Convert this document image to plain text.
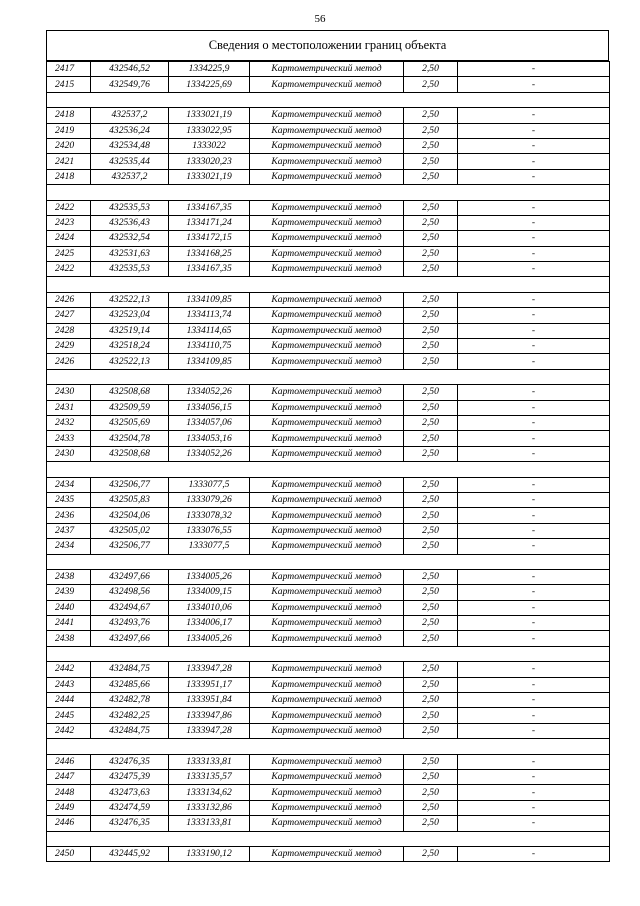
56
Сведения о местоположении границ объекта
2417	432546,52	1334225,9	Картометрический метод	2,50	-
2415	432549,76	1334225,69	Картометрический метод	2,50	-

2418	432537,2	1333021,19	Картометрический метод	2,50	-
2419	432536,24	1333022,95	Картометрический метод	2,50	-
2420	432534,48	1333022	Картометрический метод	2,50	-
2421	432535,44	1333020,23	Картометрический метод	2,50	-
2418	432537,2	1333021,19	Картометрический метод	2,50	-

2422	432535,53	1334167,35	Картометрический метод	2,50	-
2423	432536,43	1334171,24	Картометрический метод	2,50	-
2424	432532,54	1334172,15	Картометрический метод	2,50	-
2425	432531,63	1334168,25	Картометрический метод	2,50	-
2422	432535,53	1334167,35	Картометрический метод	2,50	-

2426	432522,13	1334109,85	Картометрический метод	2,50	-
2427	432523,04	1334113,74	Картометрический метод	2,50	-
2428	432519,14	1334114,65	Картометрический метод	2,50	-
2429	432518,24	1334110,75	Картометрический метод	2,50	-
2426	432522,13	1334109,85	Картометрический метод	2,50	-

2430	432508,68	1334052,26	Картометрический метод	2,50	-
2431	432509,59	1334056,15	Картометрический метод	2,50	-
2432	432505,69	1334057,06	Картометрический метод	2,50	-
2433	432504,78	1334053,16	Картометрический метод	2,50	-
2430	432508,68	1334052,26	Картометрический метод	2,50	-

2434	432506,77	1333077,5	Картометрический метод	2,50	-
2435	432505,83	1333079,26	Картометрический метод	2,50	-
2436	432504,06	1333078,32	Картометрический метод	2,50	-
2437	432505,02	1333076,55	Картометрический метод	2,50	-
2434	432506,77	1333077,5	Картометрический метод	2,50	-

2438	432497,66	1334005,26	Картометрический метод	2,50	-
2439	432498,56	1334009,15	Картометрический метод	2,50	-
2440	432494,67	1334010,06	Картометрический метод	2,50	-
2441	432493,76	1334006,17	Картометрический метод	2,50	-
2438	432497,66	1334005,26	Картометрический метод	2,50	-

2442	432484,75	1333947,28	Картометрический метод	2,50	-
2443	432485,66	1333951,17	Картометрический метод	2,50	-
2444	432482,78	1333951,84	Картометрический метод	2,50	-
2445	432482,25	1333947,86	Картометрический метод	2,50	-
2442	432484,75	1333947,28	Картометрический метод	2,50	-

2446	432476,35	1333133,81	Картометрический метод	2,50	-
2447	432475,39	1333135,57	Картометрический метод	2,50	-
2448	432473,63	1333134,62	Картометрический метод	2,50	-
2449	432474,59	1333132,86	Картометрический метод	2,50	-
2446	432476,35	1333133,81	Картометрический метод	2,50	-

2450	432445,92	1333190,12	Картометрический метод	2,50	-
